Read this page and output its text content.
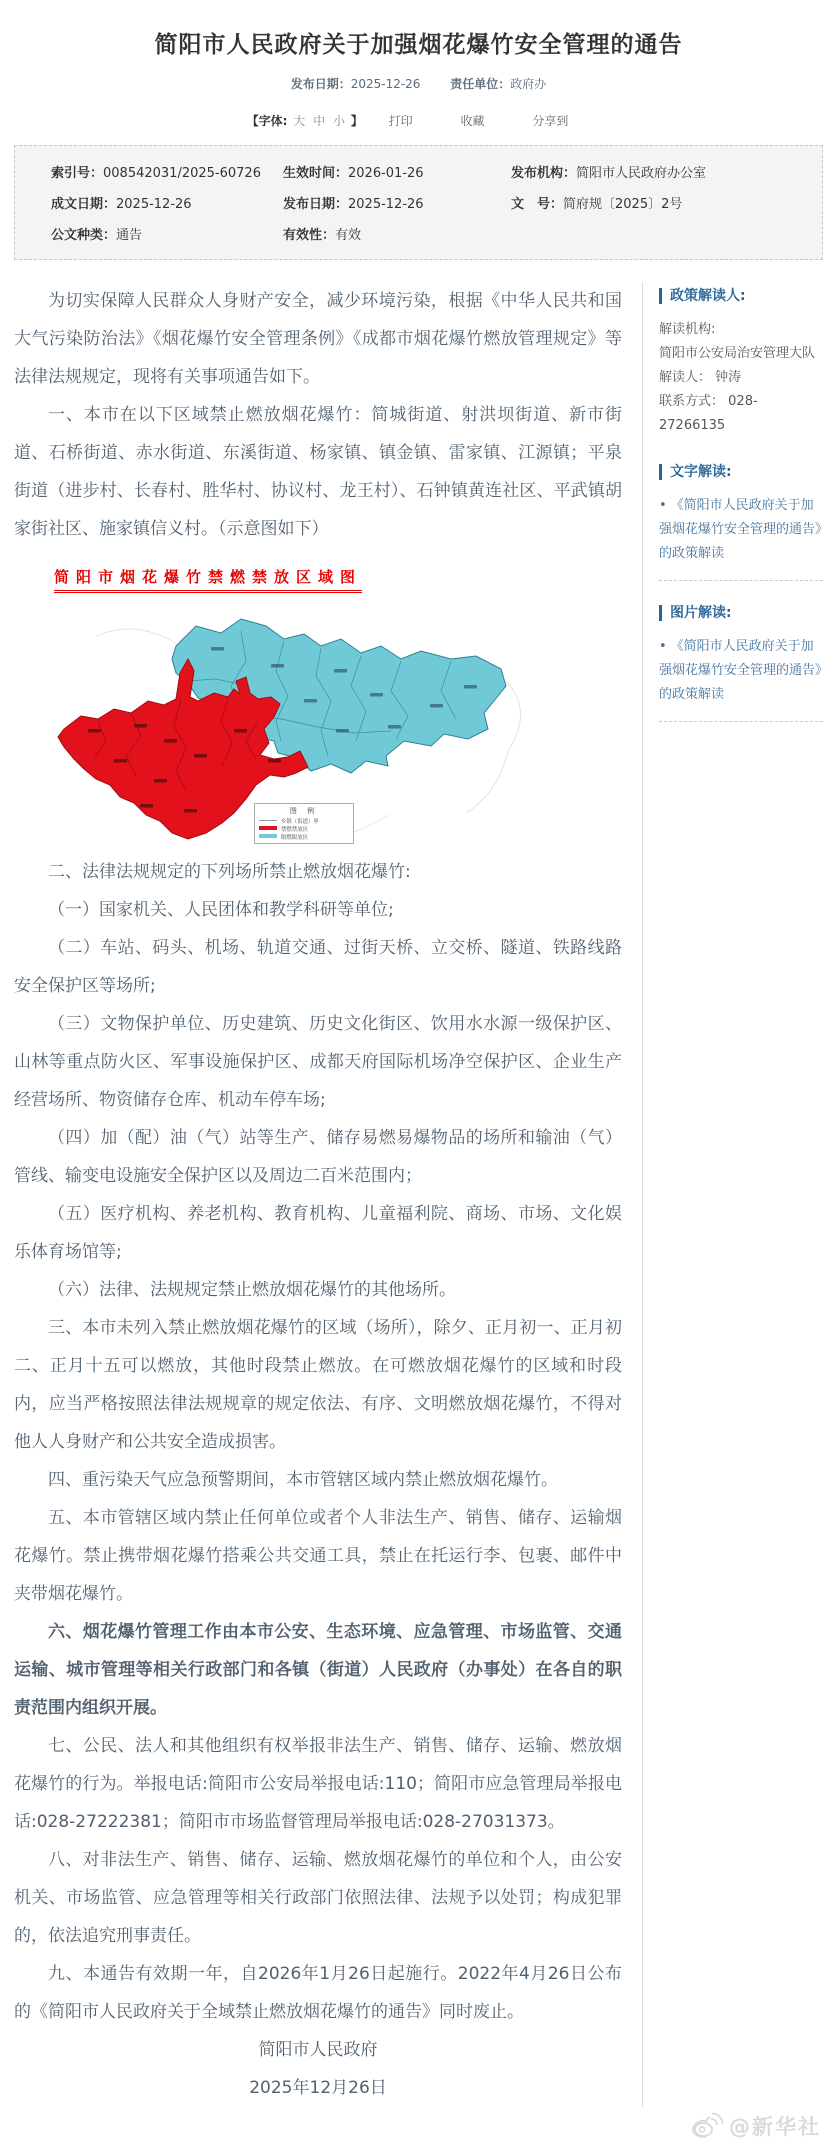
简阳市人民政府关于加强烟花爆竹安全管理的通告
发布日期：2025-12-26 责任单位：政府办
【字体: 大 中 小 】 打印	收藏	分享到
索引号：008542031/2025-60726	生效时间：2026-01-26	发布机构：简阳市人民政府办公室
成文日期：2025-12-26	发布日期：2025-12-26	文　号：简府规〔2025〕2号
公文种类：通告	有效性：有效

为切实保障人民群众人身财产安全，减少环境污染，根据《中华人民共和国大气污染防治法》《烟花爆竹安全管理条例》《成都市烟花爆竹燃放管理规定》等法律法规规定，现将有关事项通告如下。

一、本市在以下区域禁止燃放烟花爆竹：简城街道、射洪坝街道、新市街道、石桥街道、赤水街道、东溪街道、杨家镇、镇金镇、雷家镇、江源镇；平泉街道（进步村、长春村、胜华村、协议村、龙王村）、石钟镇黄连社区、平武镇胡家街社区、施家镇信义村。（示意图如下）

简阳市烟花爆竹禁燃禁放区域图
图 例
乡镇（街道）界
禁燃禁放区
限燃限放区

二、法律法规规定的下列场所禁止燃放烟花爆竹:

（一）国家机关、人民团体和教学科研等单位;

（二）车站、码头、机场、轨道交通、过街天桥、立交桥、隧道、铁路线路安全保护区等场所;

（三）文物保护单位、历史建筑、历史文化街区、饮用水水源一级保护区、山林等重点防火区、军事设施保护区、成都天府国际机场净空保护区、企业生产经营场所、物资储存仓库、机动车停车场;

（四）加（配）油（气）站等生产、储存易燃易爆物品的场所和输油（气）管线、输变电设施安全保护区以及周边二百米范围内；

（五）医疗机构、养老机构、教育机构、儿童福利院、商场、市场、文化娱乐体育场馆等;

（六）法律、法规规定禁止燃放烟花爆竹的其他场所。

三、本市未列入禁止燃放烟花爆竹的区域（场所），除夕、正月初一、正月初二、正月十五可以燃放，其他时段禁止燃放。在可燃放烟花爆竹的区域和时段内，应当严格按照法律法规规章的规定依法、有序、文明燃放烟花爆竹，不得对他人人身财产和公共安全造成损害。

四、重污染天气应急预警期间，本市管辖区域内禁止燃放烟花爆竹。

五、本市管辖区域内禁止任何单位或者个人非法生产、销售、储存、运输烟花爆竹。禁止携带烟花爆竹搭乘公共交通工具，禁止在托运行李、包裹、邮件中夹带烟花爆竹。

六、烟花爆竹管理工作由本市公安、生态环境、应急管理、市场监管、交通运输、城市管理等相关行政部门和各镇（街道）人民政府（办事处）在各自的职责范围内组织开展。

七、公民、法人和其他组织有权举报非法生产、销售、储存、运输、燃放烟花爆竹的行为。举报电话:简阳市公安局举报电话:110；简阳市应急管理局举报电话:028-27222381；简阳市市场监督管理局举报电话:028-27031373。

八、对非法生产、销售、储存、运输、燃放烟花爆竹的单位和个人，由公安机关、市场监管、应急管理等相关行政部门依照法律、法规予以处罚；构成犯罪的，依法追究刑事责任。

九、本通告有效期一年，自2026年1月26日起施行。2022年4月26日公布的《简阳市人民政府关于全域禁止燃放烟花爆竹的通告》同时废止。

简阳市人民政府

2025年12月26日

政策解读人:
解读机构:
简阳市公安局治安管理大队
解读人： 钟涛
联系方式： 028-27266135
文字解读:
• 《简阳市人民政府关于加强烟花爆竹安全管理的通告》的政策解读
图片解读:
• 《简阳市人民政府关于加强烟花爆竹安全管理的通告》的政策解读
@新华社
